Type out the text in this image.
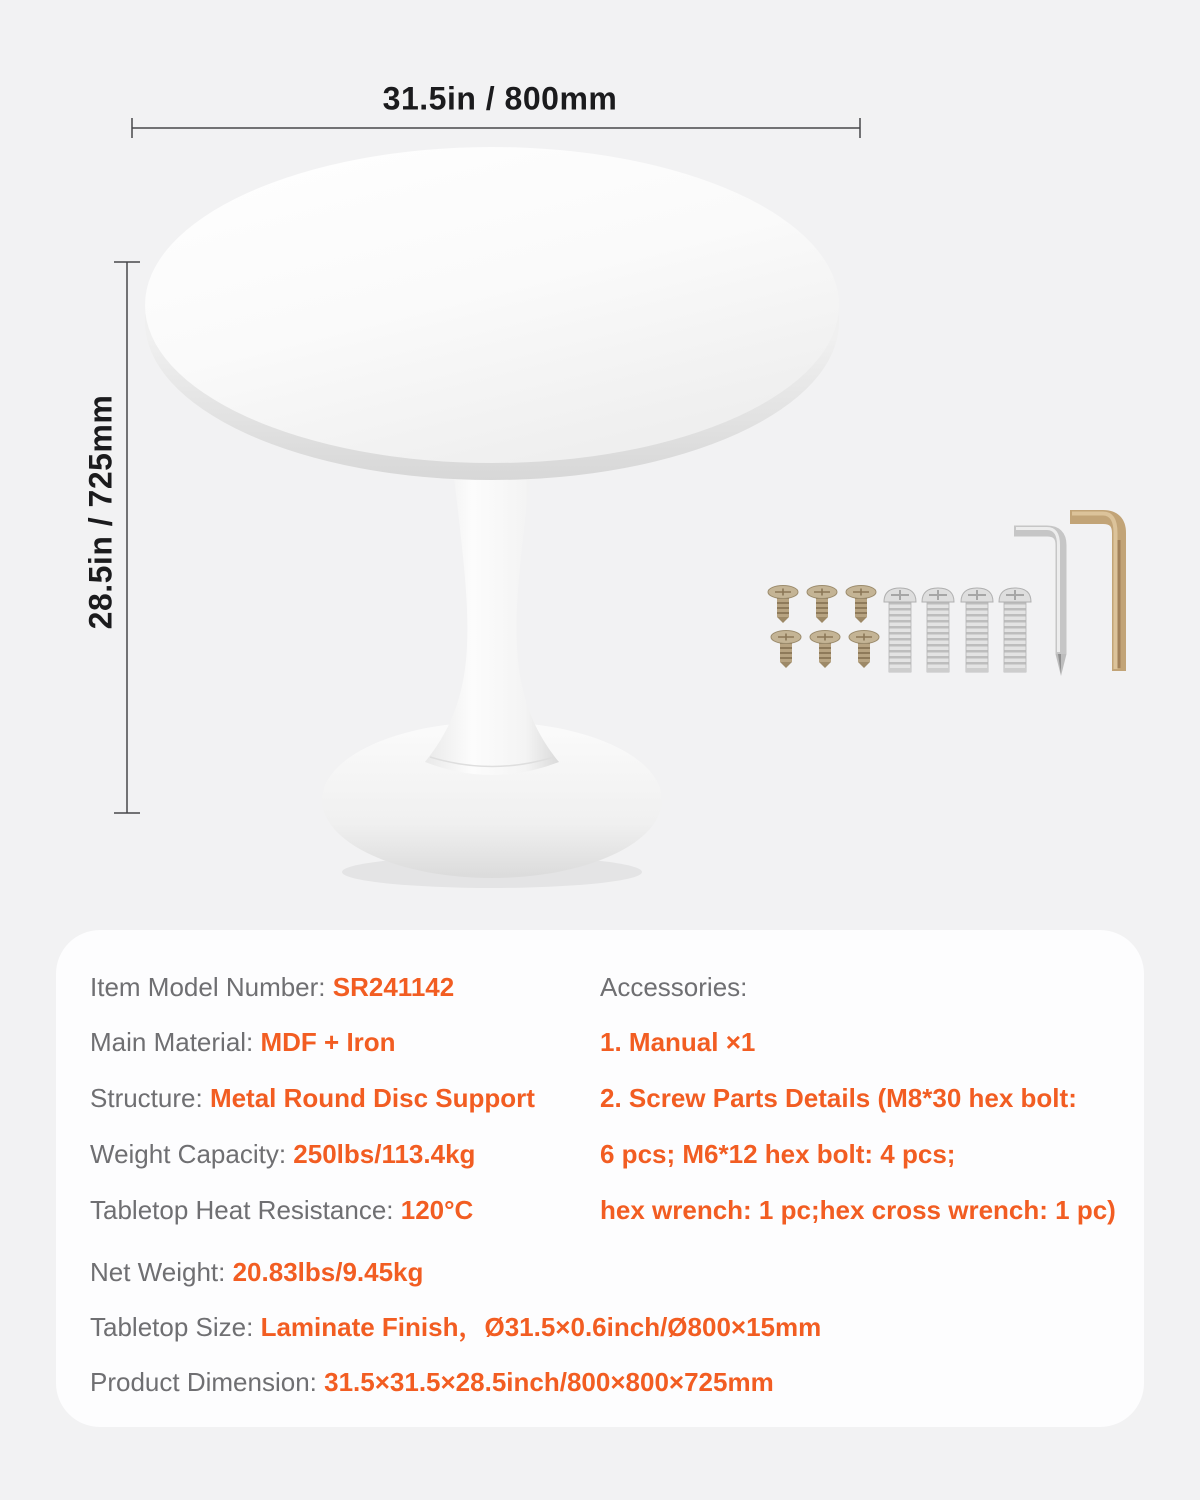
31.5in / 800mm
28.5in / 725mm
Item Model Number: SR241142
Main Material: MDF + Iron
Structure: Metal Round Disc Support
Weight Capacity: 250lbs/113.4kg
Tabletop Heat Resistance: 120°C
Net Weight: 20.83lbs/9.45kg
Tabletop Size: Laminate Finish，Ø31.5×0.6inch/Ø800×15mm
Product Dimension: 31.5×31.5×28.5inch/800×800×725mm
Accessories:
1. Manual ×1
2. Screw Parts Details (M8*30 hex bolt:
6 pcs; M6*12 hex bolt: 4 pcs;
hex wrench: 1 pc;hex cross wrench: 1 pc)
